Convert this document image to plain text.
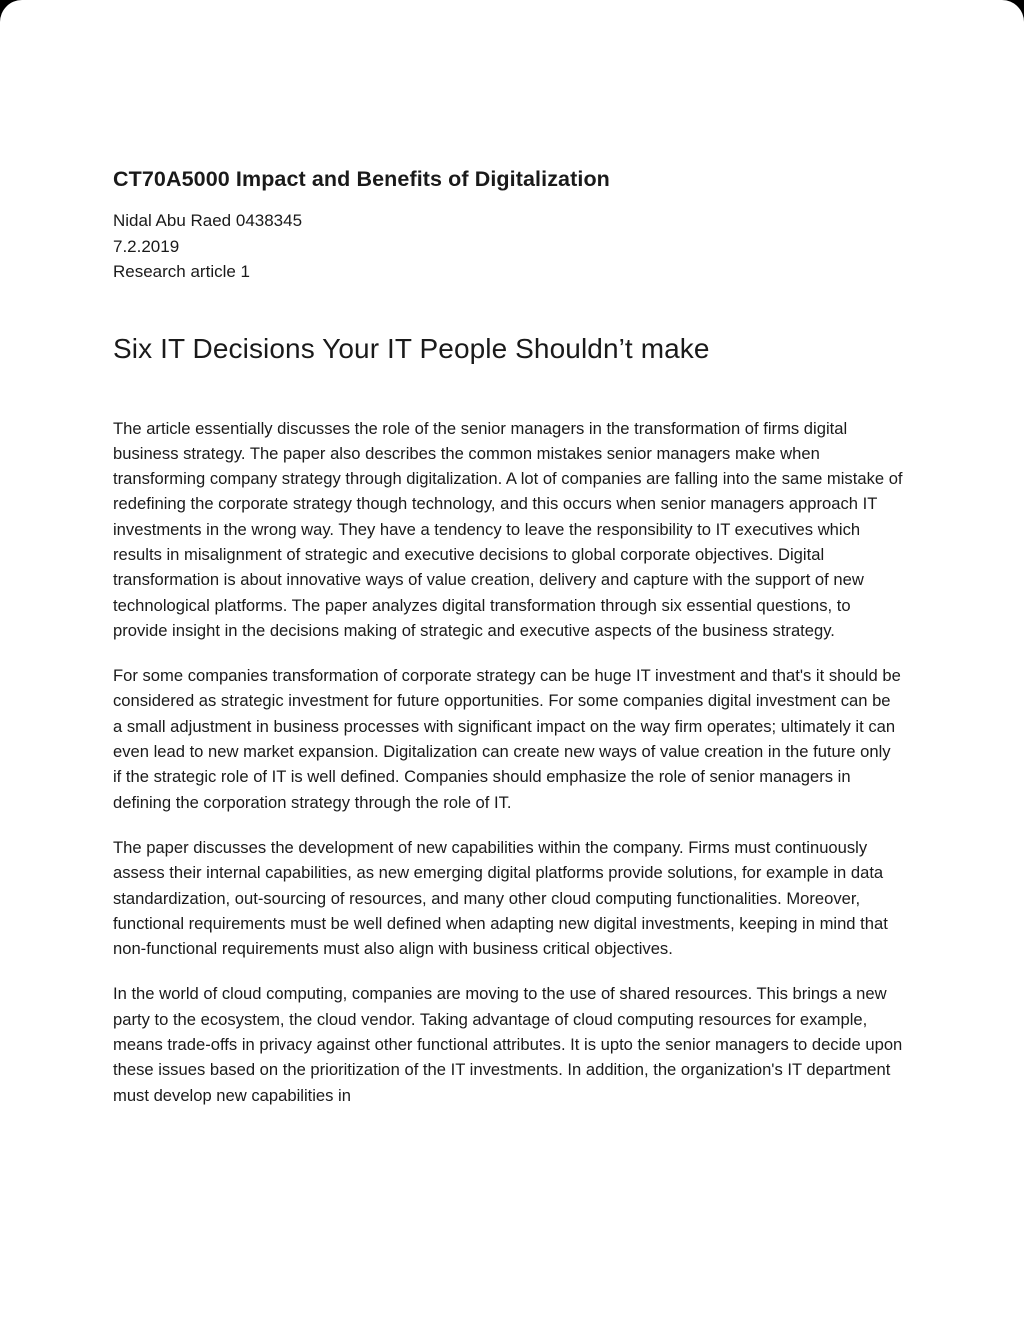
CT70A5000 Impact and Benefits of Digitalization
Nidal Abu Raed 0438345
7.2.2019
Research article 1
Six IT Decisions Your IT People Shouldn’t make

The article essentially discusses the role of the senior managers in the transformation of firms digital business strategy. The paper also describes the common mistakes senior managers make when transforming company strategy through digitalization. A lot of companies are falling into the same mistake of redefining the corporate strategy though technology, and this occurs when senior managers approach IT investments in the wrong way. They have a tendency to leave the responsibility to IT executives which results in misalignment of strategic and executive decisions to global corporate objectives. Digital transformation is about innovative ways of value creation, delivery and capture with the support of new technological platforms. The paper analyzes digital transformation through six essential questions, to provide insight in the decisions making of strategic and executive aspects of the business strategy.

For some companies transformation of corporate strategy can be huge IT investment and that's it should be considered as strategic investment for future opportunities. For some companies digital investment can be a small adjustment in business processes with significant impact on the way firm operates; ultimately it can even lead to new market expansion. Digitalization can create new ways of value creation in the future only if the strategic role of IT is well defined. Companies should emphasize the role of senior managers in defining the corporation strategy through the role of IT.

The paper discusses the development of new capabilities within the company. Firms must continuously assess their internal capabilities, as new emerging digital platforms provide solutions, for example in data standardization, out-sourcing of resources, and many other cloud computing functionalities. Moreover, functional requirements must be well defined when adapting new digital investments, keeping in mind that non-functional requirements must also align with business critical objectives.

In the world of cloud computing, companies are moving to the use of shared resources. This brings a new party to the ecosystem, the cloud vendor. Taking advantage of cloud computing resources for example, means trade-offs in privacy against other functional attributes. It is upto the senior managers to decide upon these issues based on the prioritization of the IT investments. In addition, the organization's IT department must develop new capabilities in
